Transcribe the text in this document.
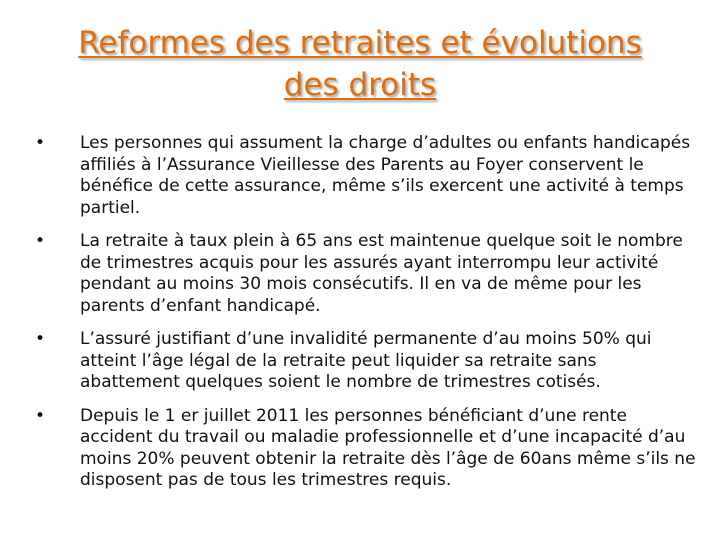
Reformes des retraites et évolutions
des droits
• Les personnes qui assument la charge d’adultes ou enfants handicapés affiliés à l’Assurance Vieillesse des Parents au Foyer conservent le bénéfice de cette assurance, même s’ils exercent une activité à temps partiel.
• La retraite à taux plein à 65 ans est maintenue quelque soit le nombre de trimestres acquis pour les assurés ayant interrompu leur activité pendant au moins 30 mois consécutifs. Il en va de même pour les parents d’enfant handicapé.
• L’assuré justifiant d’une invalidité permanente d’au moins 50% qui atteint l’âge légal de la retraite peut liquider sa retraite sans abattement quelques soient le nombre de trimestres cotisés.
• Depuis le 1 er juillet 2011 les personnes bénéficiant d’une rente accident du travail ou maladie professionnelle et d’une incapacité d’au moins 20% peuvent obtenir la retraite dès l’âge de 60ans même s’ils ne disposent pas de tous les trimestres requis.
